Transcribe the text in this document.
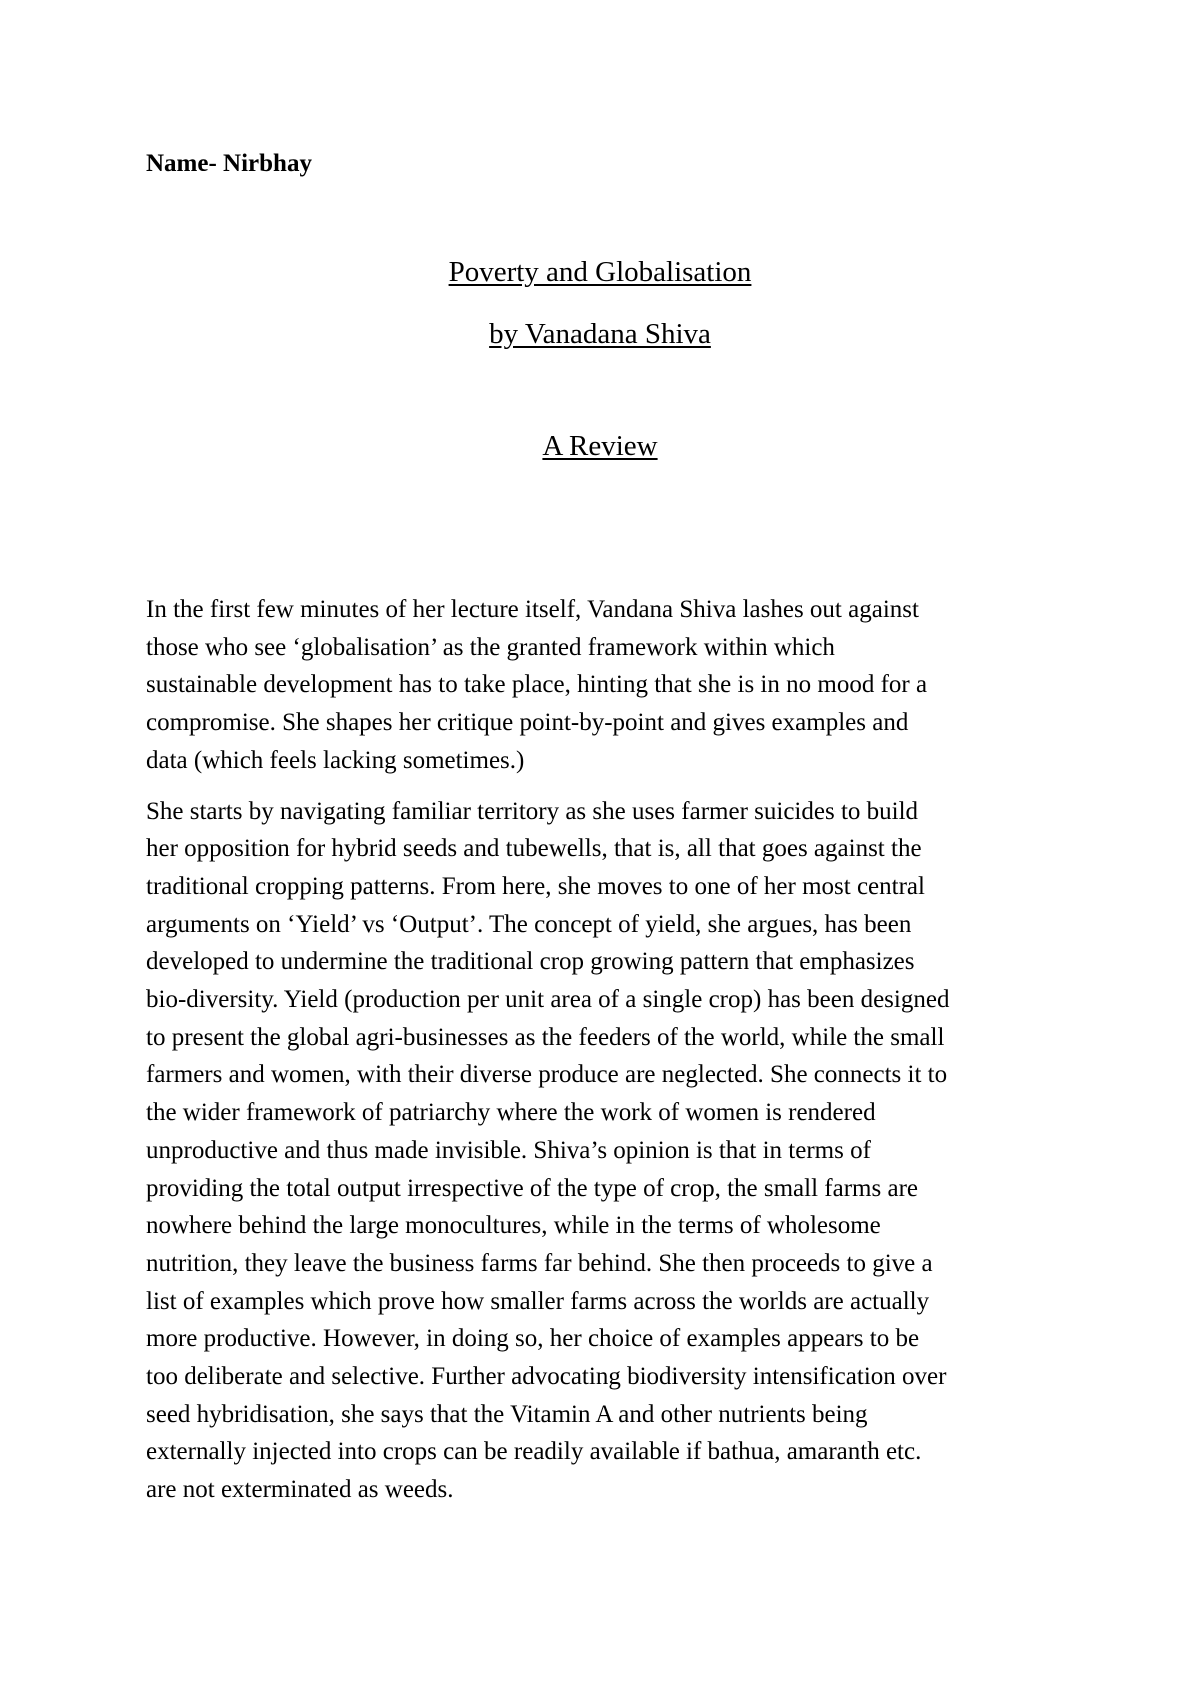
Name- Nirbhay
Poverty and Globalisation
by Vanadana Shiva
A Review

In the first few minutes of her lecture itself, Vandana Shiva lashes out against
those who see ‘globalisation’ as the granted framework within which
sustainable development has to take place, hinting that she is in no mood for a
compromise. She shapes her critique point-by-point and gives examples and
data (which feels lacking sometimes.)

She starts by navigating familiar territory as she uses farmer suicides to build
her opposition for hybrid seeds and tubewells, that is, all that goes against the
traditional cropping patterns. From here, she moves to one of her most central
arguments on ‘Yield’ vs ‘Output’. The concept of yield, she argues, has been
developed to undermine the traditional crop growing pattern that emphasizes
bio-diversity. Yield (production per unit area of a single crop) has been designed
to present the global agri-businesses as the feeders of the world, while the small
farmers and women, with their diverse produce are neglected. She connects it to
the wider framework of patriarchy where the work of women is rendered
unproductive and thus made invisible. Shiva’s opinion is that in terms of
providing the total output irrespective of the type of crop, the small farms are
nowhere behind the large monocultures, while in the terms of wholesome
nutrition, they leave the business farms far behind. She then proceeds to give a
list of examples which prove how smaller farms across the worlds are actually
more productive. However, in doing so, her choice of examples appears to be
too deliberate and selective. Further advocating biodiversity intensification over
seed hybridisation, she says that the Vitamin A and other nutrients being
externally injected into crops can be readily available if bathua, amaranth etc.
are not exterminated as weeds.
